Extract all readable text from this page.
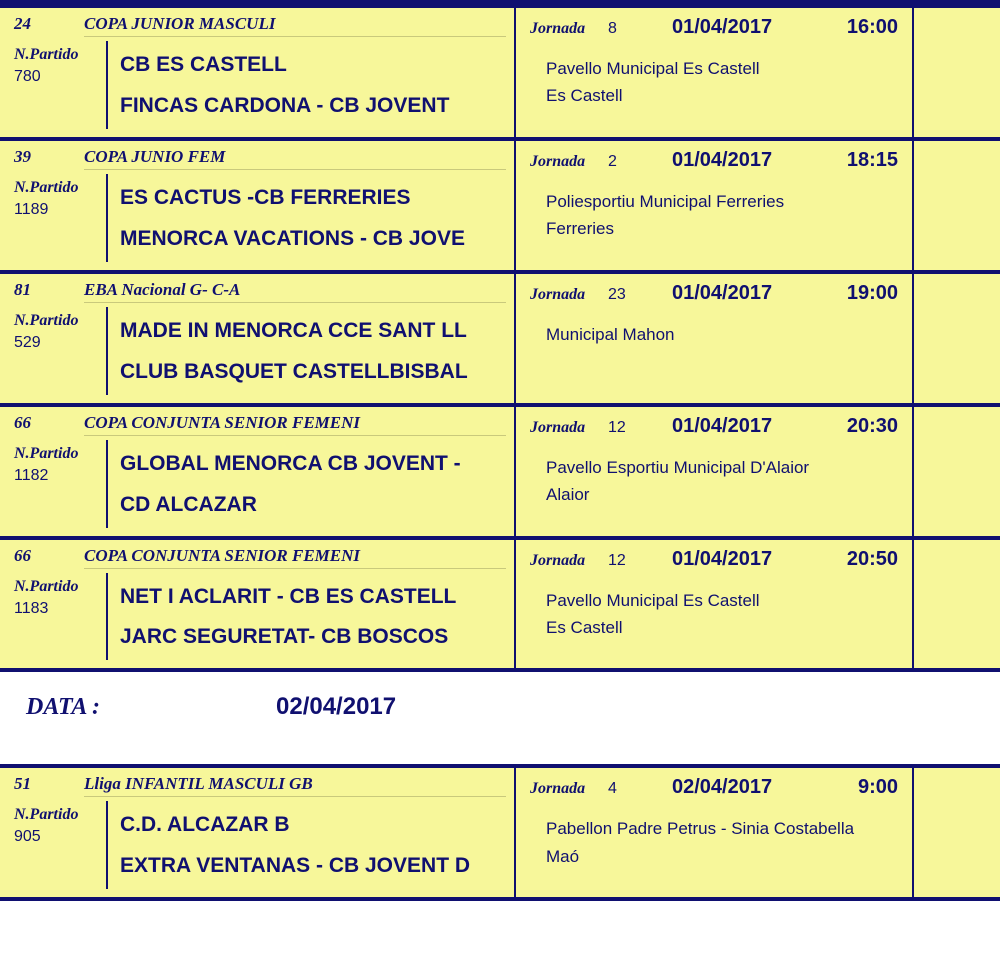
24	COPA JUNIOR MASCULI
N.Partido
780
CB ES CASTELL
FINCAS CARDONA - CB JOVENT
Jornada	8	01/04/2017	16:00
Pavello Municipal Es Castell
Es Castell
39	COPA JUNIO FEM
N.Partido
1189
ES CACTUS -CB FERRERIES
MENORCA VACATIONS - CB JOVE
Jornada	2	01/04/2017	18:15
Poliesportiu Municipal Ferreries
Ferreries
81	EBA Nacional G- C-A
N.Partido
529
MADE IN MENORCA CCE SANT LL
CLUB BASQUET CASTELLBISBAL
Jornada	23	01/04/2017	19:00
Municipal Mahon
66	COPA CONJUNTA SENIOR FEMENI
N.Partido
1182
GLOBAL MENORCA CB JOVENT -
CD ALCAZAR
Jornada	12	01/04/2017	20:30
Pavello Esportiu Municipal D'Alaior
Alaior
66	COPA CONJUNTA SENIOR FEMENI
N.Partido
1183
NET I ACLARIT - CB ES CASTELL
JARC SEGURETAT- CB BOSCOS
Jornada	12	01/04/2017	20:50
Pavello Municipal Es Castell
Es Castell
DATA :	02/04/2017
51	Lliga INFANTIL MASCULI GB
N.Partido
905
C.D. ALCAZAR B
EXTRA VENTANAS - CB JOVENT D
Jornada	4	02/04/2017	9:00
Pabellon Padre Petrus - Sinia Costabella
Maó
